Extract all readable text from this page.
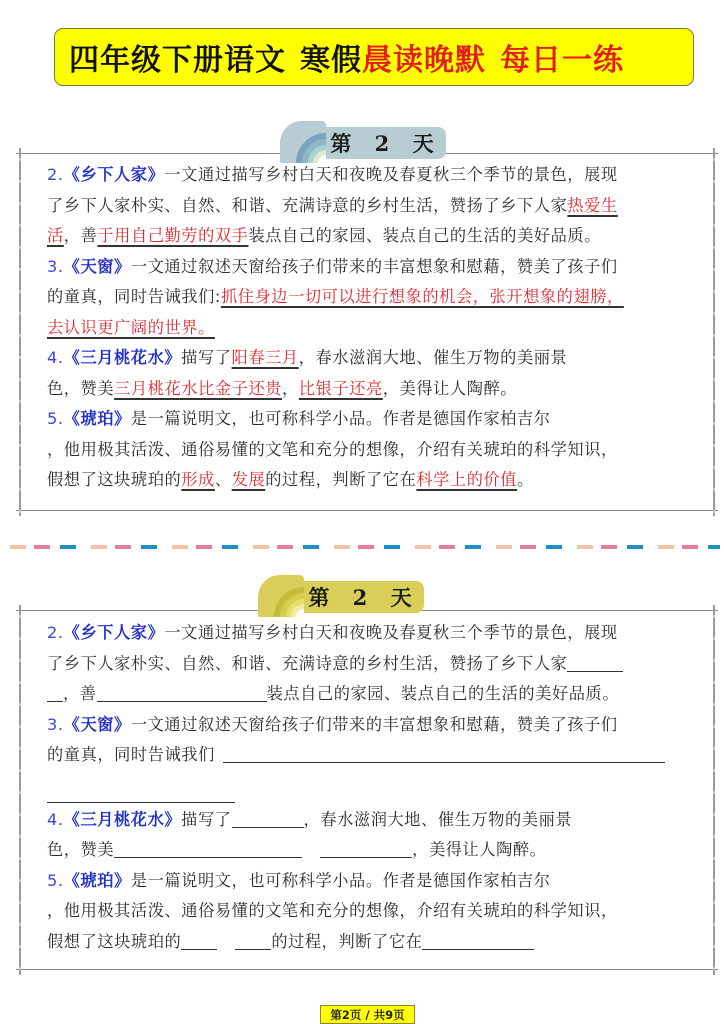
四年级下册语文 寒假 晨读晚默 每日一练
第 2 天
2.《乡下人家》一文通过描写乡村白天和夜晚及春夏秋三个季节的景色，展现
了乡下人家朴实、自然、和谐、充满诗意的乡村生活，赞扬了乡下人家热爱生
活，善于用自己勤劳的双手装点自己的家园、装点自己的生活的美好品质。
3.《天窗》一文通过叙述天窗给孩子们带来的丰富想象和慰藉，赞美了孩子们
的童真，同时告诫我们:抓住身边一切可以进行想象的机会，张开想象的翅膀，
去认识更广阔的世界。
4.《三月桃花水》描写了阳春三月，春水滋润大地、催生万物的美丽景
色，赞美三月桃花水比金子还贵，比银子还亮，美得让人陶醉。
5.《琥珀》是一篇说明文，也可称科学小品。作者是德国作家柏吉尔
，他用极其活泼、通俗易懂的文笔和充分的想像，介绍有关琥珀的科学知识，
假想了这块琥珀的形成、发展的过程，判断了它在科学上的价值。
第 2 天
2.《乡下人家》一文通过描写乡村白天和夜晚及春夏秋三个季节的景色，展现
了乡下人家朴实、自然、和谐、充满诗意的乡村生活，赞扬了乡下人家
，善	装点自己的家园、装点自己的生活的美好品质。
3.《天窗》一文通过叙述天窗给孩子们带来的丰富想象和慰藉，赞美了孩子们
的童真，同时告诫我们
4.《三月桃花水》描写了	，春水滋润大地、催生万物的美丽景
色，赞美	，美得让人陶醉。
5.《琥珀》是一篇说明文，也可称科学小品。作者是德国作家柏吉尔
，他用极其活泼、通俗易懂的文笔和充分的想像，介绍有关琥珀的科学知识，
假想了这块琥珀的	的过程，判断了它在
第2页 / 共9页
